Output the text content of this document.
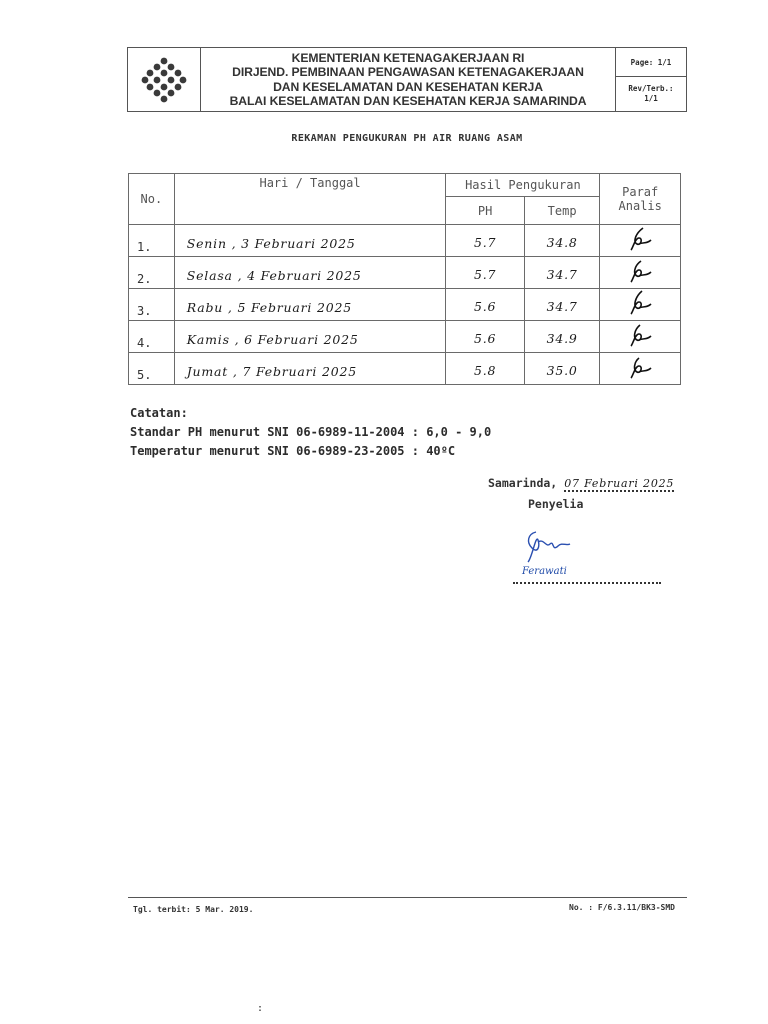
KEMENTERIAN KETENAGAKERJAAN RI
DIRJEND. PEMBINAAN PENGAWASAN KETENAGAKERJAAN
DAN KESELAMATAN DAN KESEHATAN KERJA
BALAI KESELAMATAN DAN KESEHATAN KERJA SAMARINDA
Page: 1/1
Rev/Terb.:
1/1
REKAMAN PENGUKURAN PH AIR RUANG ASAM
No.	Hari / Tanggal	Hasil Pengukuran		Paraf Analis
		PH	Temp	
1.	Senin , 3 Februari 2025	5.7	34.8	
2.	Selasa , 4 Februari 2025	5.7	34.7	
3.	Rabu , 5 Februari 2025	5.6	34.7	
4.	Kamis , 6 Februari 2025	5.6	34.9	
5.	Jumat , 7 Februari 2025	5.8	35.0	
Catatan:
Standar PH menurut SNI 06-6989-11-2004 : 6,0 - 9,0
Temperatur menurut SNI 06-6989-23-2005 : 40ºC
Samarinda, 07 Februari 2025
Penyelia
Ferawati
Tgl. terbit: 5 Mar. 2019.	No. : F/6.3.11/BK3-SMD
:
